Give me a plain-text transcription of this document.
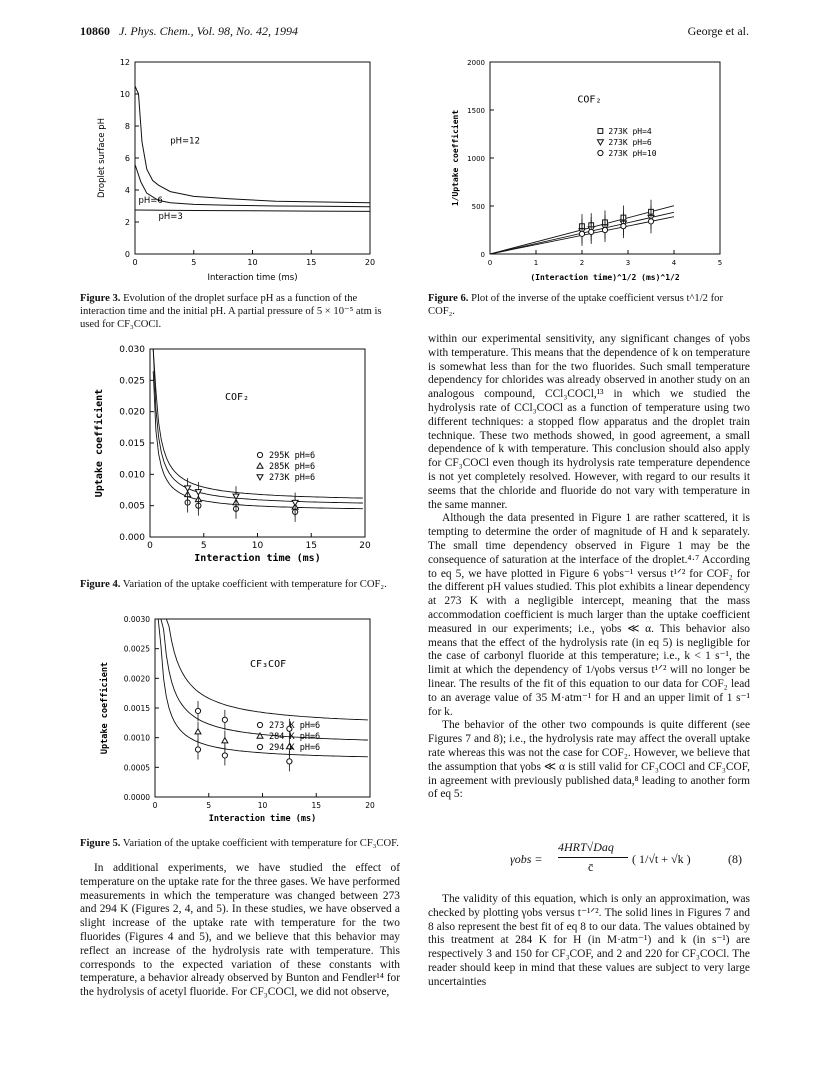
10860 J. Phys. Chem., Vol. 98, No. 42, 1994	George et al.
0	5	10	15	20
0
2
4
6
8
10
12
Interaction time (ms)
Droplet surface pH	pH=12
pH=6
pH=3
Figure 3. Evolution of the droplet surface pH as a function of the interaction time and the initial pH. A partial pressure of 5 × 10⁻⁵ atm is used for CF₃COCl.
0	5	10	15	20
0.000
0.005
0.010
0.015
0.020
0.025
0.030
Interaction time (ms)
Uptake coefficient	COF₂
295K pH=6
285K pH=6
273K pH=6
Figure 4. Variation of the uptake coefficient with temperature for COF₂.
0	5	10	15	20
0.0000
0.0005
0.0010
0.0015
0.0020
0.0025
0.0030
Interaction time (ms)
Uptake coefficient	CF₃COF
273 K pH=6
284 K pH=6
294 K pH=6
Figure 5. Variation of the uptake coefficient with temperature for CF₃COF.

In additional experiments, we have studied the effect of temperature on the uptake rate for the three gases. We have performed measurements in which the temperature was changed between 273 and 294 K (Figures 2, 4, and 5). In these studies, we have observed a slight increase of the uptake rate with temperature for the two fluorides (Figures 4 and 5), and we believe that this behavior may reflect an increase of the hydrolysis rate with temperature. This corresponds to the expected variation of these constants with temperature, a behavior already observed by Bunton and Fendler¹⁴ for the hydrolysis of acetyl fluoride. For CF₃COCl, we did not observe,

0	1	2	3	4	5
0
500
1000
1500
2000
(Interaction time)^1/2 (ms)^1/2
1/Uptake coefficient
COF₂
273K pH=4
273K pH=6
273K pH=10
Figure 6. Plot of the inverse of the uptake coefficient versus t^1/2 for COF₂.

within our experimental sensitivity, any significant changes of γobs with temperature. This means that the dependence of k on temperature is somewhat less than for the two fluorides. Such small temperature dependency for chlorides was already observed in another study on an analogous compound, CCl₃COCl,¹³ in which we studied the hydrolysis rate of CCl₃COCl as a function of temperature using two different techniques: a stopped flow apparatus and the droplet train technique. These two methods showed, in good agreement, a small dependence of k with temperature. This conclusion should also apply for CF₃COCl even though its hydrolysis rate temperature dependence is not yet completely resolved. However, with regard to our results it seems that the chloride and fluoride do not vary with temperature in the same manner.

Although the data presented in Figure 1 are rather scattered, it is tempting to determine the order of magnitude of H and k separately. The small time dependency observed in Figure 1 may be the consequence of saturation at the interface of the droplet.⁴·⁷ According to eq 5, we have plotted in Figure 6 γobs⁻¹ versus t¹ᐟ² for COF₂ for the different pH values studied. This plot exhibits a linear dependency at 273 K with a negligible intercept, meaning that the mass accommodation coefficient is much larger than the uptake coefficient measured in our experiments; i.e., γobs ≪ α. This behavior also means that the effect of the hydrolysis rate (in eq 5) is negligible for the case of carbonyl fluoride at this temperature; i.e., k < 1 s⁻¹, the limit at which the dependency of 1/γobs versus t¹ᐟ² will no longer be linear. The results of the fit of this equation to our data for COF₂ lead to an average value of 35 M·atm⁻¹ for H and an upper limit of 1 s⁻¹ for k.

The behavior of the other two compounds is quite different (see Figures 7 and 8); i.e., the hydrolysis rate may affect the overall uptake rate whereas this was not the case for COF₂. However, we believe that the assumption that γobs ≪ α is still valid for CF₃COCl and CF₃COF, in agreement with previously published data,⁸ leading to another form of eq 5:

γobs =
4HRT√Daq
c̄
( 1/√t + √k )	(8)

The validity of this equation, which is only an approximation, was checked by plotting γobs versus t⁻¹ᐟ². The solid lines in Figures 7 and 8 also represent the best fit of eq 8 to our data. The values obtained by this treatment at 284 K for H (in M·atm⁻¹) and k (in s⁻¹) are respectively 3 and 150 for CF₃COF, and 2 and 220 for CF₃COCl. The reader should keep in mind that these values are subject to very large uncertainties
